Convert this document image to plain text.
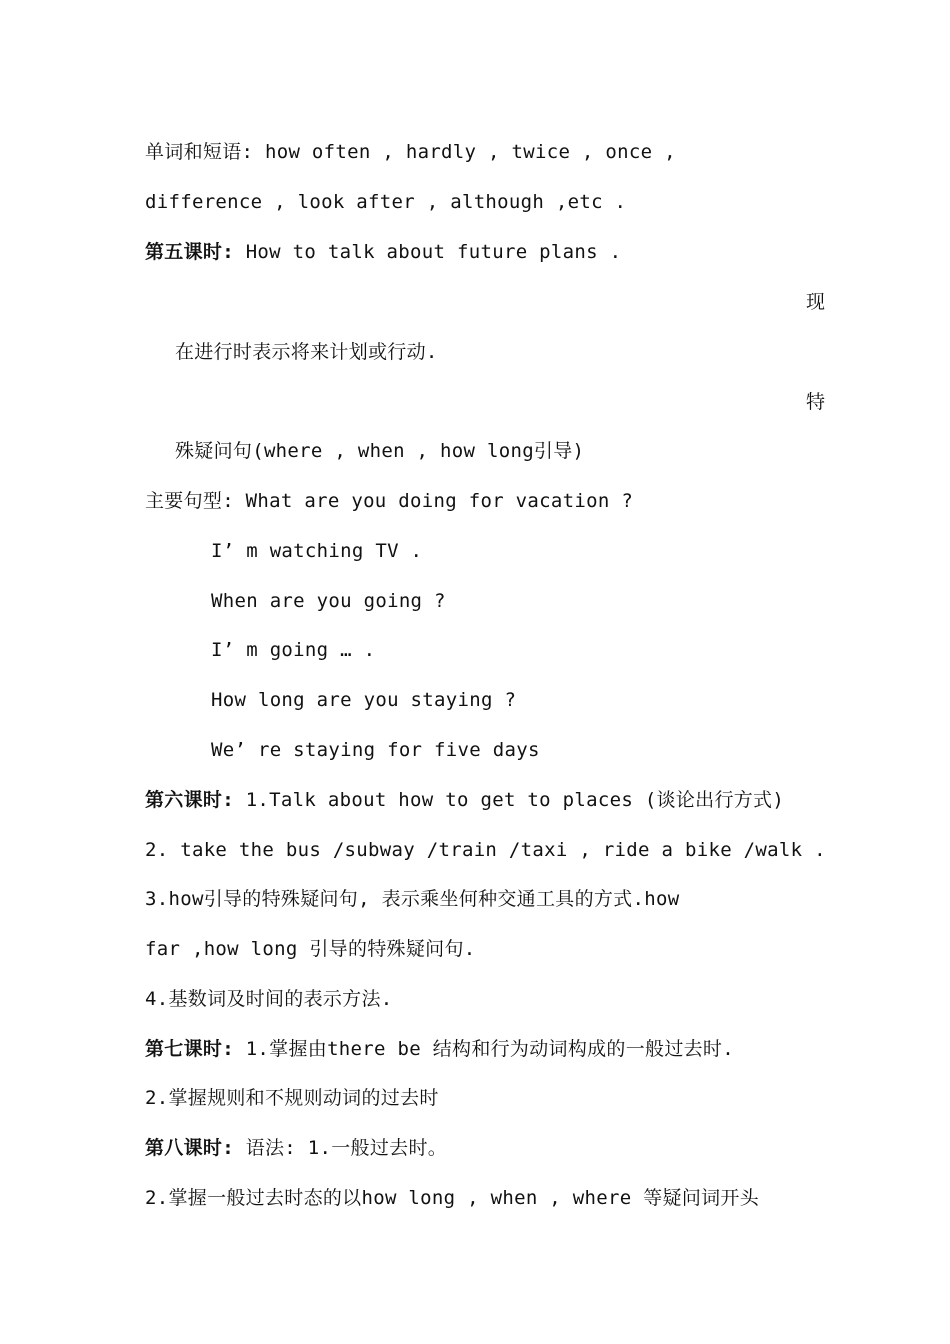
单词和短语: how often , hardly , twice , once ,
difference , look after , although ,etc .
第五课时: How to talk about future plans .
现
在进行时表示将来计划或行动.
特
殊疑问句(where , when , how long引导)
主要句型: What are you doing for vacation ?
I’ m watching TV .
When are you going ?
I’ m going … .
How long are you staying ?
We’ re staying for five days
第六课时: 1.Talk about how to get to places (谈论出行方式)
2. take the bus /subway /train /taxi , ride a bike /walk .
3.how引导的特殊疑问句, 表示乘坐何种交通工具的方式.how
far ,how long 引导的特殊疑问句.
4.基数词及时间的表示方法.
第七课时: 1.掌握由there be 结构和行为动词构成的一般过去时.
2.掌握规则和不规则动词的过去时
第八课时: 语法: 1.一般过去时。
2.掌握一般过去时态的以how long , when , where 等疑问词开头
